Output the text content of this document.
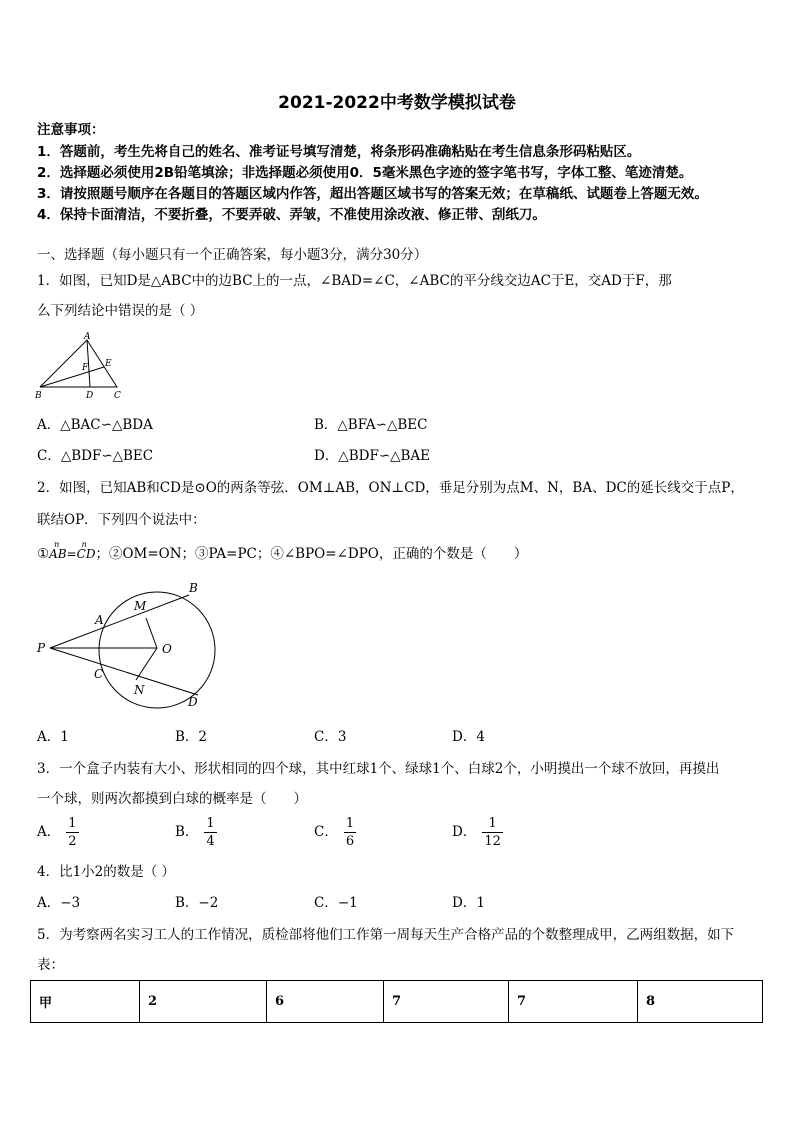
2021-2022中考数学模拟试卷
注意事项：
1．答题前，考生先将自己的姓名、准考证号填写清楚，将条形码准确粘贴在考生信息条形码粘贴区。
2．选择题必须使用2B铅笔填涂；非选择题必须使用0．5毫米黑色字迹的签字笔书写，字体工整、笔迹清楚。
3．请按照题号顺序在各题目的答题区域内作答，超出答题区域书写的答案无效；在草稿纸、试题卷上答题无效。
4．保持卡面清洁，不要折叠，不要弄破、弄皱，不准使用涂改液、修正带、刮纸刀。
一、选择题（每小题只有一个正确答案，每小题3分，满分30分）
1．如图，已知D是△ABC中的边BC上的一点，∠BAD=∠C，∠ABC的平分线交边AC于E，交AD于F，那
么下列结论中错误的是（ ）
A
B	C
D
E
F
A．△BAC∽△BDA	B．△BFA∽△BEC
C．△BDF∽△BEC	D．△BDF∽△BAE
2．如图，已知AB和CD是⊙O的两条等弦．OM⊥AB，ON⊥CD，垂足分别为点M、N，BA、DC的延长线交于点P，
联结OP．下列四个说法中：
①
n
AB=
n
CD；②OM=ON；③PA=PC；④∠BPO=∠DPO，正确的个数是（　　）
B
M
A
P	O
C
N
D
A．1	B．2	C．3	D．4
3．一个盒子内装有大小、形状相同的四个球，其中红球1个、绿球1个、白球2个，小明摸出一个球不放回，再摸出
一个球，则两次都摸到白球的概率是（　　）
A． $\frac{1}{2}$	B． $\frac{1}{4}$	C． $\frac{1}{6}$	D． $\frac{1}{12}$
4．比1小2的数是（ ）
A．−3	B．−2	C．−1	D．1
5．为考察两名实习工人的工作情况，质检部将他们工作第一周每天生产合格产品的个数整理成甲，乙两组数据，如下
表：
甲	2	6	7	7	8
